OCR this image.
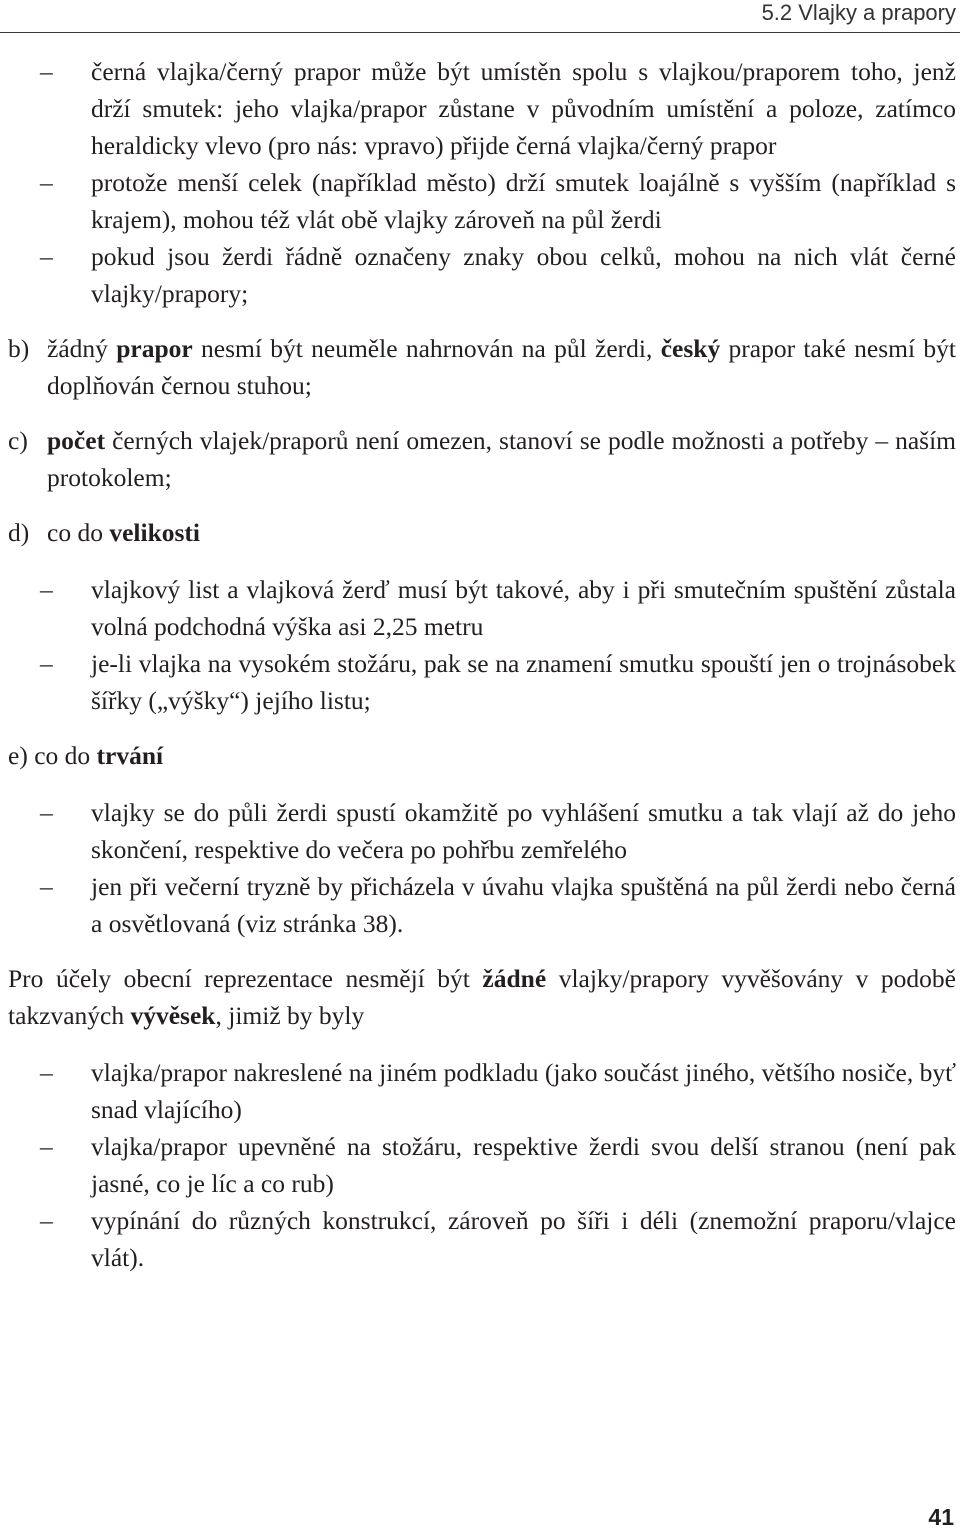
5.2 Vlajky a prapory

– černá vlajka/černý prapor může být umístěn spolu s vlajkou/praporem toho, jenž drží smutek: jeho vlajka/prapor zůstane v původním umístění a poloze, zatímco heraldicky vlevo (pro nás: vpravo) přijde černá vlajka/černý prapor

– protože menší celek (například město) drží smutek loajálně s vyšším (například s krajem), mohou též vlát obě vlajky zároveň na půl žerdi

– pokud jsou žerdi řádně označeny znaky obou celků, mohou na nich vlát černé vlajky/prapory;

b) žádný prapor nesmí být neuměle nahrnován na půl žerdi, český prapor také nesmí být doplňován černou stuhou;

c) počet černých vlajek/praporů není omezen, stanoví se podle možnosti a potřeby – naším protokolem;

d) co do velikosti

– vlajkový list a vlajková žerď musí být takové, aby i při smutečním spuštění zůstala volná podchodná výška asi 2,25 metru

– je-li vlajka na vysokém stožáru, pak se na znamení smutku spouští jen o trojnásobek šířky („výšky“) jejího listu;

e) co do trvání

– vlajky se do půli žerdi spustí okamžitě po vyhlášení smutku a tak vlají až do jeho skončení, respektive do večera po pohřbu zemřelého

– jen při večerní tryzně by přicházela v úvahu vlajka spuštěná na půl žerdi nebo černá a osvětlovaná (viz stránka 38).

Pro účely obecní reprezentace nesmějí být žádné vlajky/prapory vyvěšovány v podobě takzvaných vývěsek, jimiž by byly

– vlajka/prapor nakreslené na jiném podkladu (jako součást jiného, většího nosiče, byť snad vlajícího)

– vlajka/prapor upevněné na stožáru, respektive žerdi svou delší stranou (není pak jasné, co je líc a co rub)

– vypínání do různých konstrukcí, zároveň po šíři i déli (znemožní praporu/vlajce vlát).

41
